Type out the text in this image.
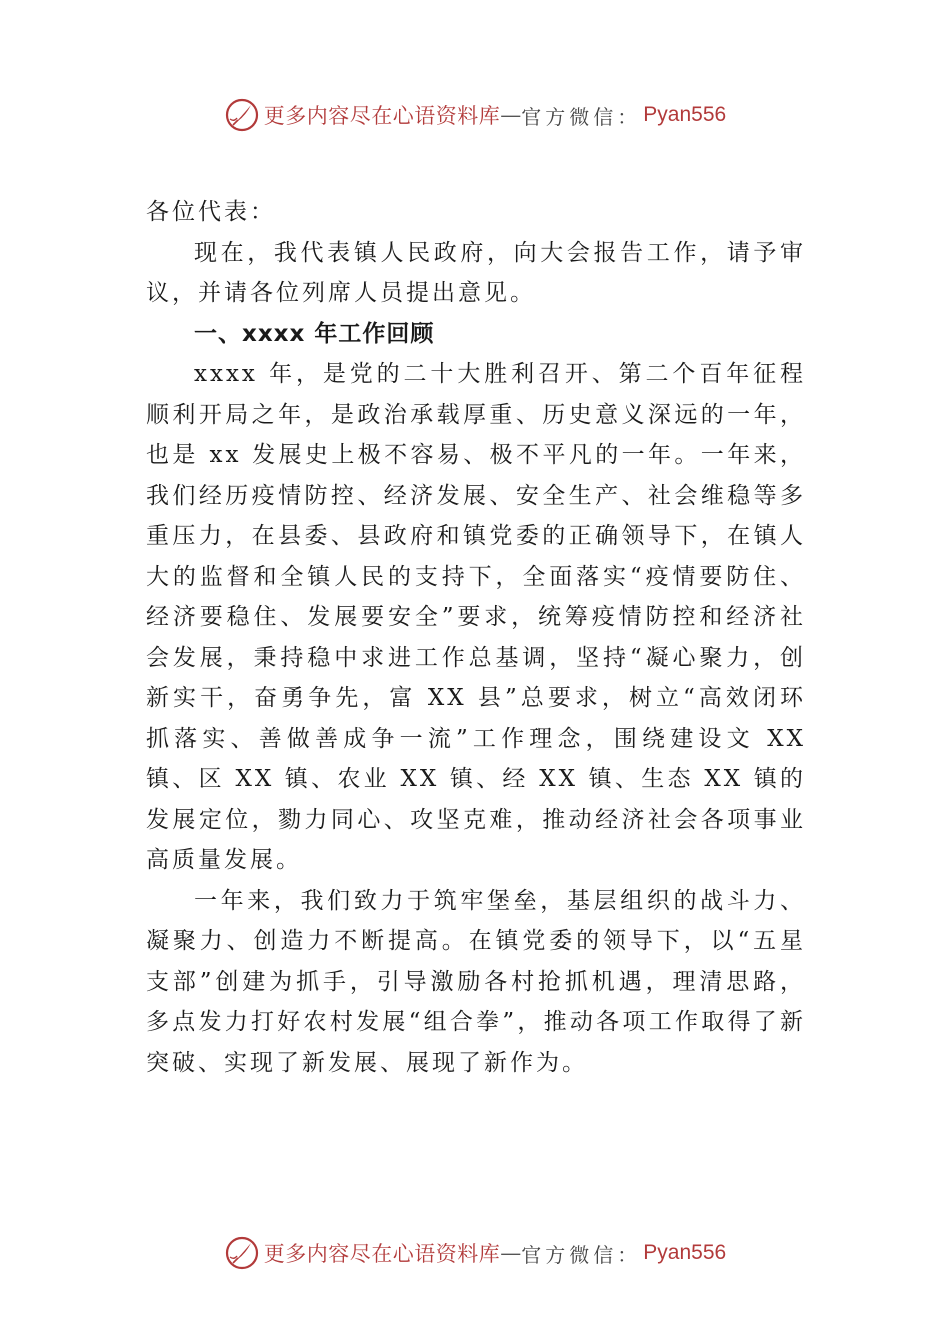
更多内容尽在心语资料库 — 官方微信： Pyan556

各位代表：

现在，我代表镇人民政府，向大会报告工作，请予审议，并请各位列席人员提出意见。

一、xxxx 年工作回顾

xxxx 年，是党的二十大胜利召开、第二个百年征程顺利开局之年，是政治承载厚重、历史意义深远的一年，也是 xx 发展史上极不容易、极不平凡的一年。一年来，我们经历疫情防控、经济发展、安全生产、社会维稳等多重压力，在县委、县政府和镇党委的正确领导下，在镇人大的监督和全镇人民的支持下，全面落实“疫情要防住、经济要稳住、发展要安全”要求，统筹疫情防控和经济社会发展，秉持稳中求进工作总基调，坚持“凝心聚力，创新实干，奋勇争先，富 XX 县”总要求，树立“高效闭环抓落实、善做善成争一流”工作理念，围绕建设文 XX 镇、区 XX 镇、农业 XX 镇、经 XX 镇、生态 XX 镇的发展定位，勠力同心、攻坚克难，推动经济社会各项事业高质量发展。

一年来，我们致力于筑牢堡垒，基层组织的战斗力、凝聚力、创造力不断提高。在镇党委的领导下，以“五星支部”创建为抓手，引导激励各村抢抓机遇，理清思路，多点发力打好农村发展“组合拳”，推动各项工作取得了新突破、实现了新发展、展现了新作为。

更多内容尽在心语资料库 — 官方微信： Pyan556
